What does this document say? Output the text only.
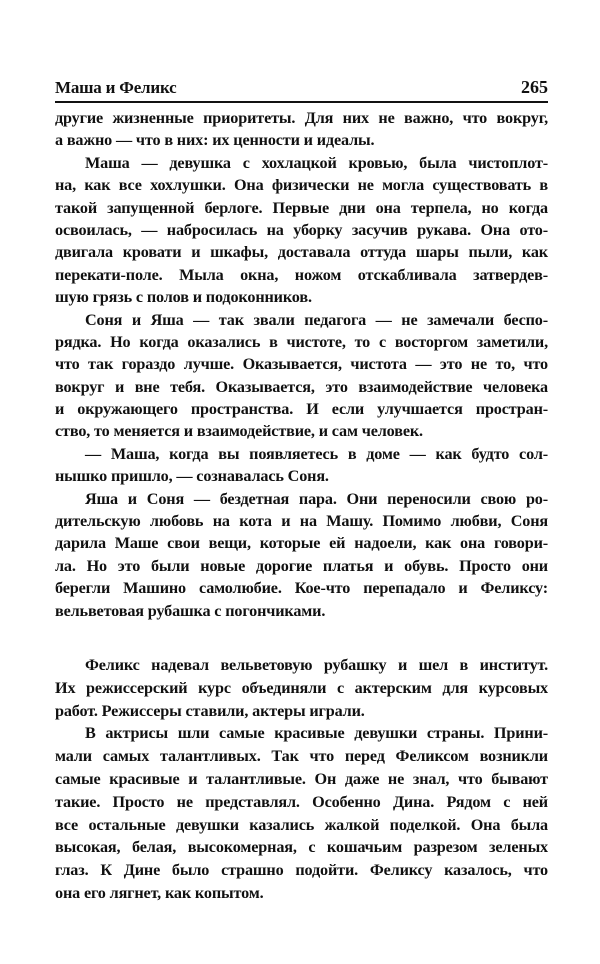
Маша и Феликс	265
другие жизненные приоритеты. Для них не важно, что вокруг,
а важно — что в них: их ценности и идеалы.
Маша — девушка с хохлацкой кровью, была чистоплот-
на, как все хохлушки. Она физически не могла существовать в
такой запущенной берлоге. Первые дни она терпела, но когда
освоилась, — набросилась на уборку засучив рукава. Она ото-
двигала кровати и шкафы, доставала оттуда шары пыли, как
перекати-поле. Мыла окна, ножом отскабливала затвердев-
шую грязь с полов и подоконников.
Соня и Яша — так звали педагога — не замечали беспо-
рядка. Но когда оказались в чистоте, то с восторгом заметили,
что так гораздо лучше. Оказывается, чистота — это не то, что
вокруг и вне тебя. Оказывается, это взаимодействие человека
и окружающего пространства. И если улучшается простран-
ство, то меняется и взаимодействие, и сам человек.
— Маша, когда вы появляетесь в доме — как будто сол-
нышко пришло, — сознавалась Соня.
Яша и Соня — бездетная пара. Они переносили свою ро-
дительскую любовь на кота и на Машу. Помимо любви, Соня
дарила Маше свои вещи, которые ей надоели, как она говори-
ла. Но это были новые дорогие платья и обувь. Просто они
берегли Машино самолюбие. Кое-что перепадало и Феликсу:
вельветовая рубашка с погончиками.
Феликс надевал вельветовую рубашку и шел в институт.
Их режиссерский курс объединяли с актерским для курсовых
работ. Режиссеры ставили, актеры играли.
В актрисы шли самые красивые девушки страны. Прини-
мали самых талантливых. Так что перед Феликсом возникли
самые красивые и талантливые. Он даже не знал, что бывают
такие. Просто не представлял. Особенно Дина. Рядом с ней
все остальные девушки казались жалкой поделкой. Она была
высокая, белая, высокомерная, с кошачьим разрезом зеленых
глаз. К Дине было страшно подойти. Феликсу казалось, что
она его лягнет, как копытом.
